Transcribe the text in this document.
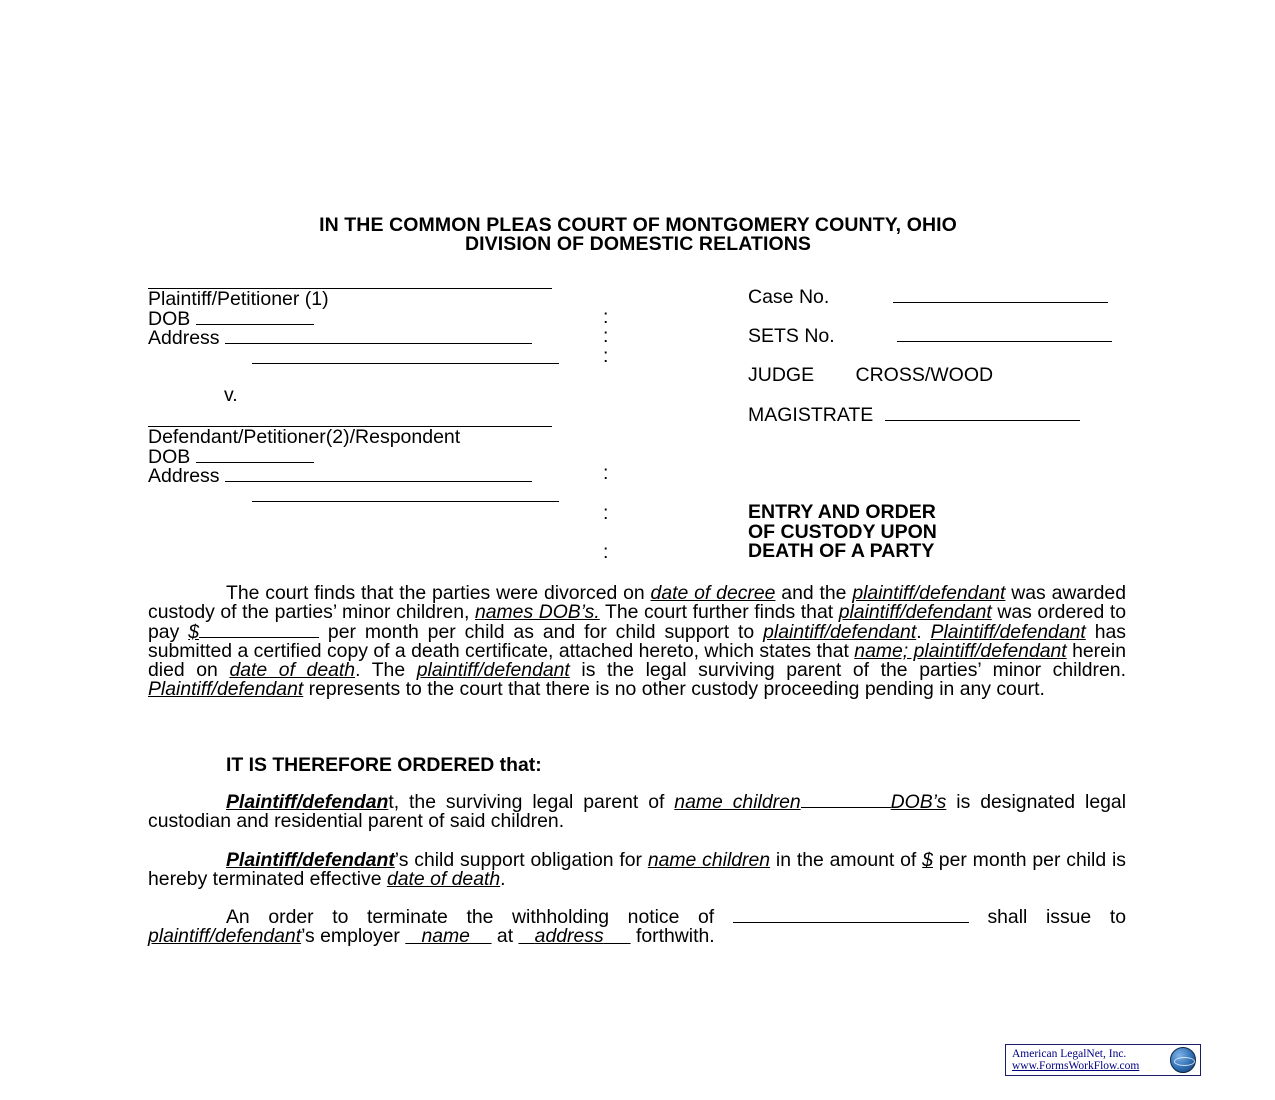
IN THE COMMON PLEAS COURT OF MONTGOMERY COUNTY, OHIO
DIVISION OF DOMESTIC RELATIONS
Plaintiff/Petitioner (1)
DOB
Address
v.
Defendant/Petitioner(2)/Respondent
DOB
Address
:
:
:
:
:
:
Case No.
SETS No.
JUDGE CROSS/WOOD
MAGISTRATE
ENTRY AND ORDER
OF CUSTODY UPON
DEATH OF A PARTY
The court finds that the parties were divorced on date of decree and the plaintiff/defendant was awarded custody of the parties’ minor children, names DOB’s. The court further finds that plaintiff/defendant was ordered to pay $	per month per child as and for child support to plaintiff/defendant. Plaintiff/defendant has submitted a certified copy of a death certificate, attached hereto, which states that name; plaintiff/defendant herein died on date of death. The plaintiff/defendant is the legal surviving parent of the parties’ minor children. Plaintiff/defendant represents to the court that there is no other custody proceeding pending in any court.
IT IS THEREFORE ORDERED that:
Plaintiff/defendant, the surviving legal parent of name children	DOB’s is designated legal custodian and residential parent of said children.
Plaintiff/defendant’s child support obligation for name children in the amount of $ per month per child is hereby terminated effective date of death.
An order to terminate the withholding notice of	shall issue to plaintiff/defendant’s employer    name     at    address      forthwith.
American LegalNet, Inc.
www.FormsWorkFlow.com
